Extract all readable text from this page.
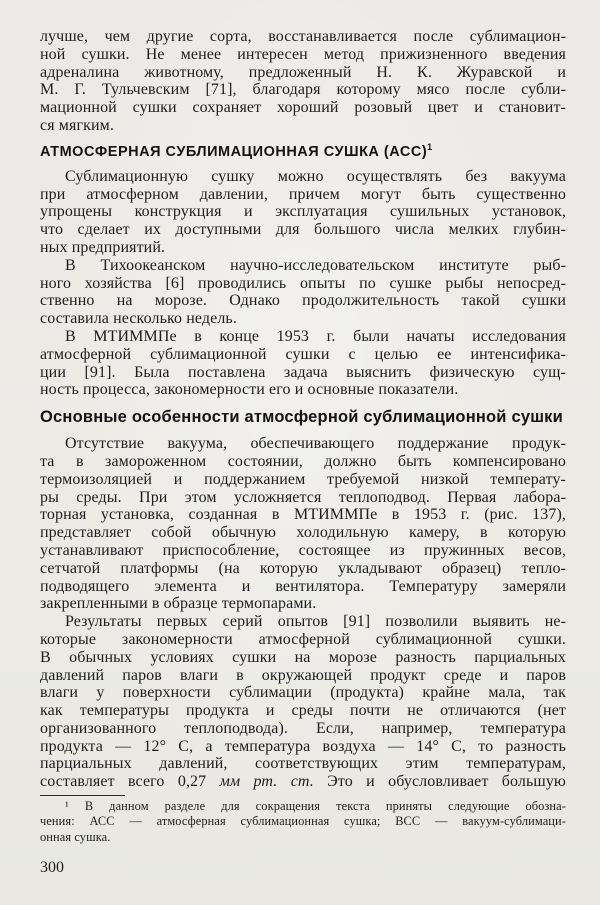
лучше, чем другие сорта, восстанавливается после сублимацион-
ной сушки. Не менее интересен метод прижизненного введения
адреналина животному, предложенный Н. К. Журавской и
М. Г. Тульчевским [71], благодаря которому мясо после субли-
мационной сушки сохраняет хороший розовый цвет и становит-
ся мягким.
АТМОСФЕРНАЯ СУБЛИМАЦИОННАЯ СУШКА (АСС)$^1$
Сублимационную сушку можно осуществлять без вакуума
при атмосферном давлении, причем могут быть существенно
упрощены конструкция и эксплуатация сушильных установок,
что сделает их доступными для большого числа мелких глубин-
ных предприятий.
В Тихоокеанском научно-исследовательском институте рыб-
ного хозяйства [6] проводились опыты по сушке рыбы непосред-
ственно на морозе. Однако продолжительность такой сушки
составила несколько недель.
В МТИММПе в конце 1953 г. были начаты исследования
атмосферной сублимационной сушки с целью ее интенсифика-
ции [91]. Была поставлена задача выяснить физическую сущ-
ность процесса, закономерности его и основные показатели.
Основные особенности атмосферной сублимационной сушки
Отсутствие вакуума, обеспечивающего поддержание продук-
та в замороженном состоянии, должно быть компенсировано
термоизоляцией и поддержанием требуемой низкой температу-
ры среды. При этом усложняется теплоподвод. Первая лабора-
торная установка, созданная в МТИММПе в 1953 г. (рис. 137),
представляет собой обычную холодильную камеру, в которую
устанавливают приспособление, состоящее из пружинных весов,
сетчатой платформы (на которую укладывают образец) тепло-
подводящего элемента и вентилятора. Температуру замеряли
закрепленными в образце термопарами.
Результаты первых серий опытов [91] позволили выявить не-
которые закономерности атмосферной сублимационной сушки.
В обычных условиях сушки на морозе разность парциальных
давлений паров влаги в окружающей продукт среде и паров
влаги у поверхности сублимации (продукта) крайне мала, так
как температуры продукта и среды почти не отличаются (нет
организованного теплоподвода). Если, например, температура
продукта — 12° С, а температура воздуха — 14° С, то разность
парциальных давлений, соответствующих этим температурам,
составляет всего 0,27 мм рт. ст. Это и обусловливает большую
¹ В данном разделе для сокращения текста приняты следующие обозна-
чения: АСС — атмосферная сублимационная сушка; ВСС — вакуум-сублимаци-
онная сушка.
300
